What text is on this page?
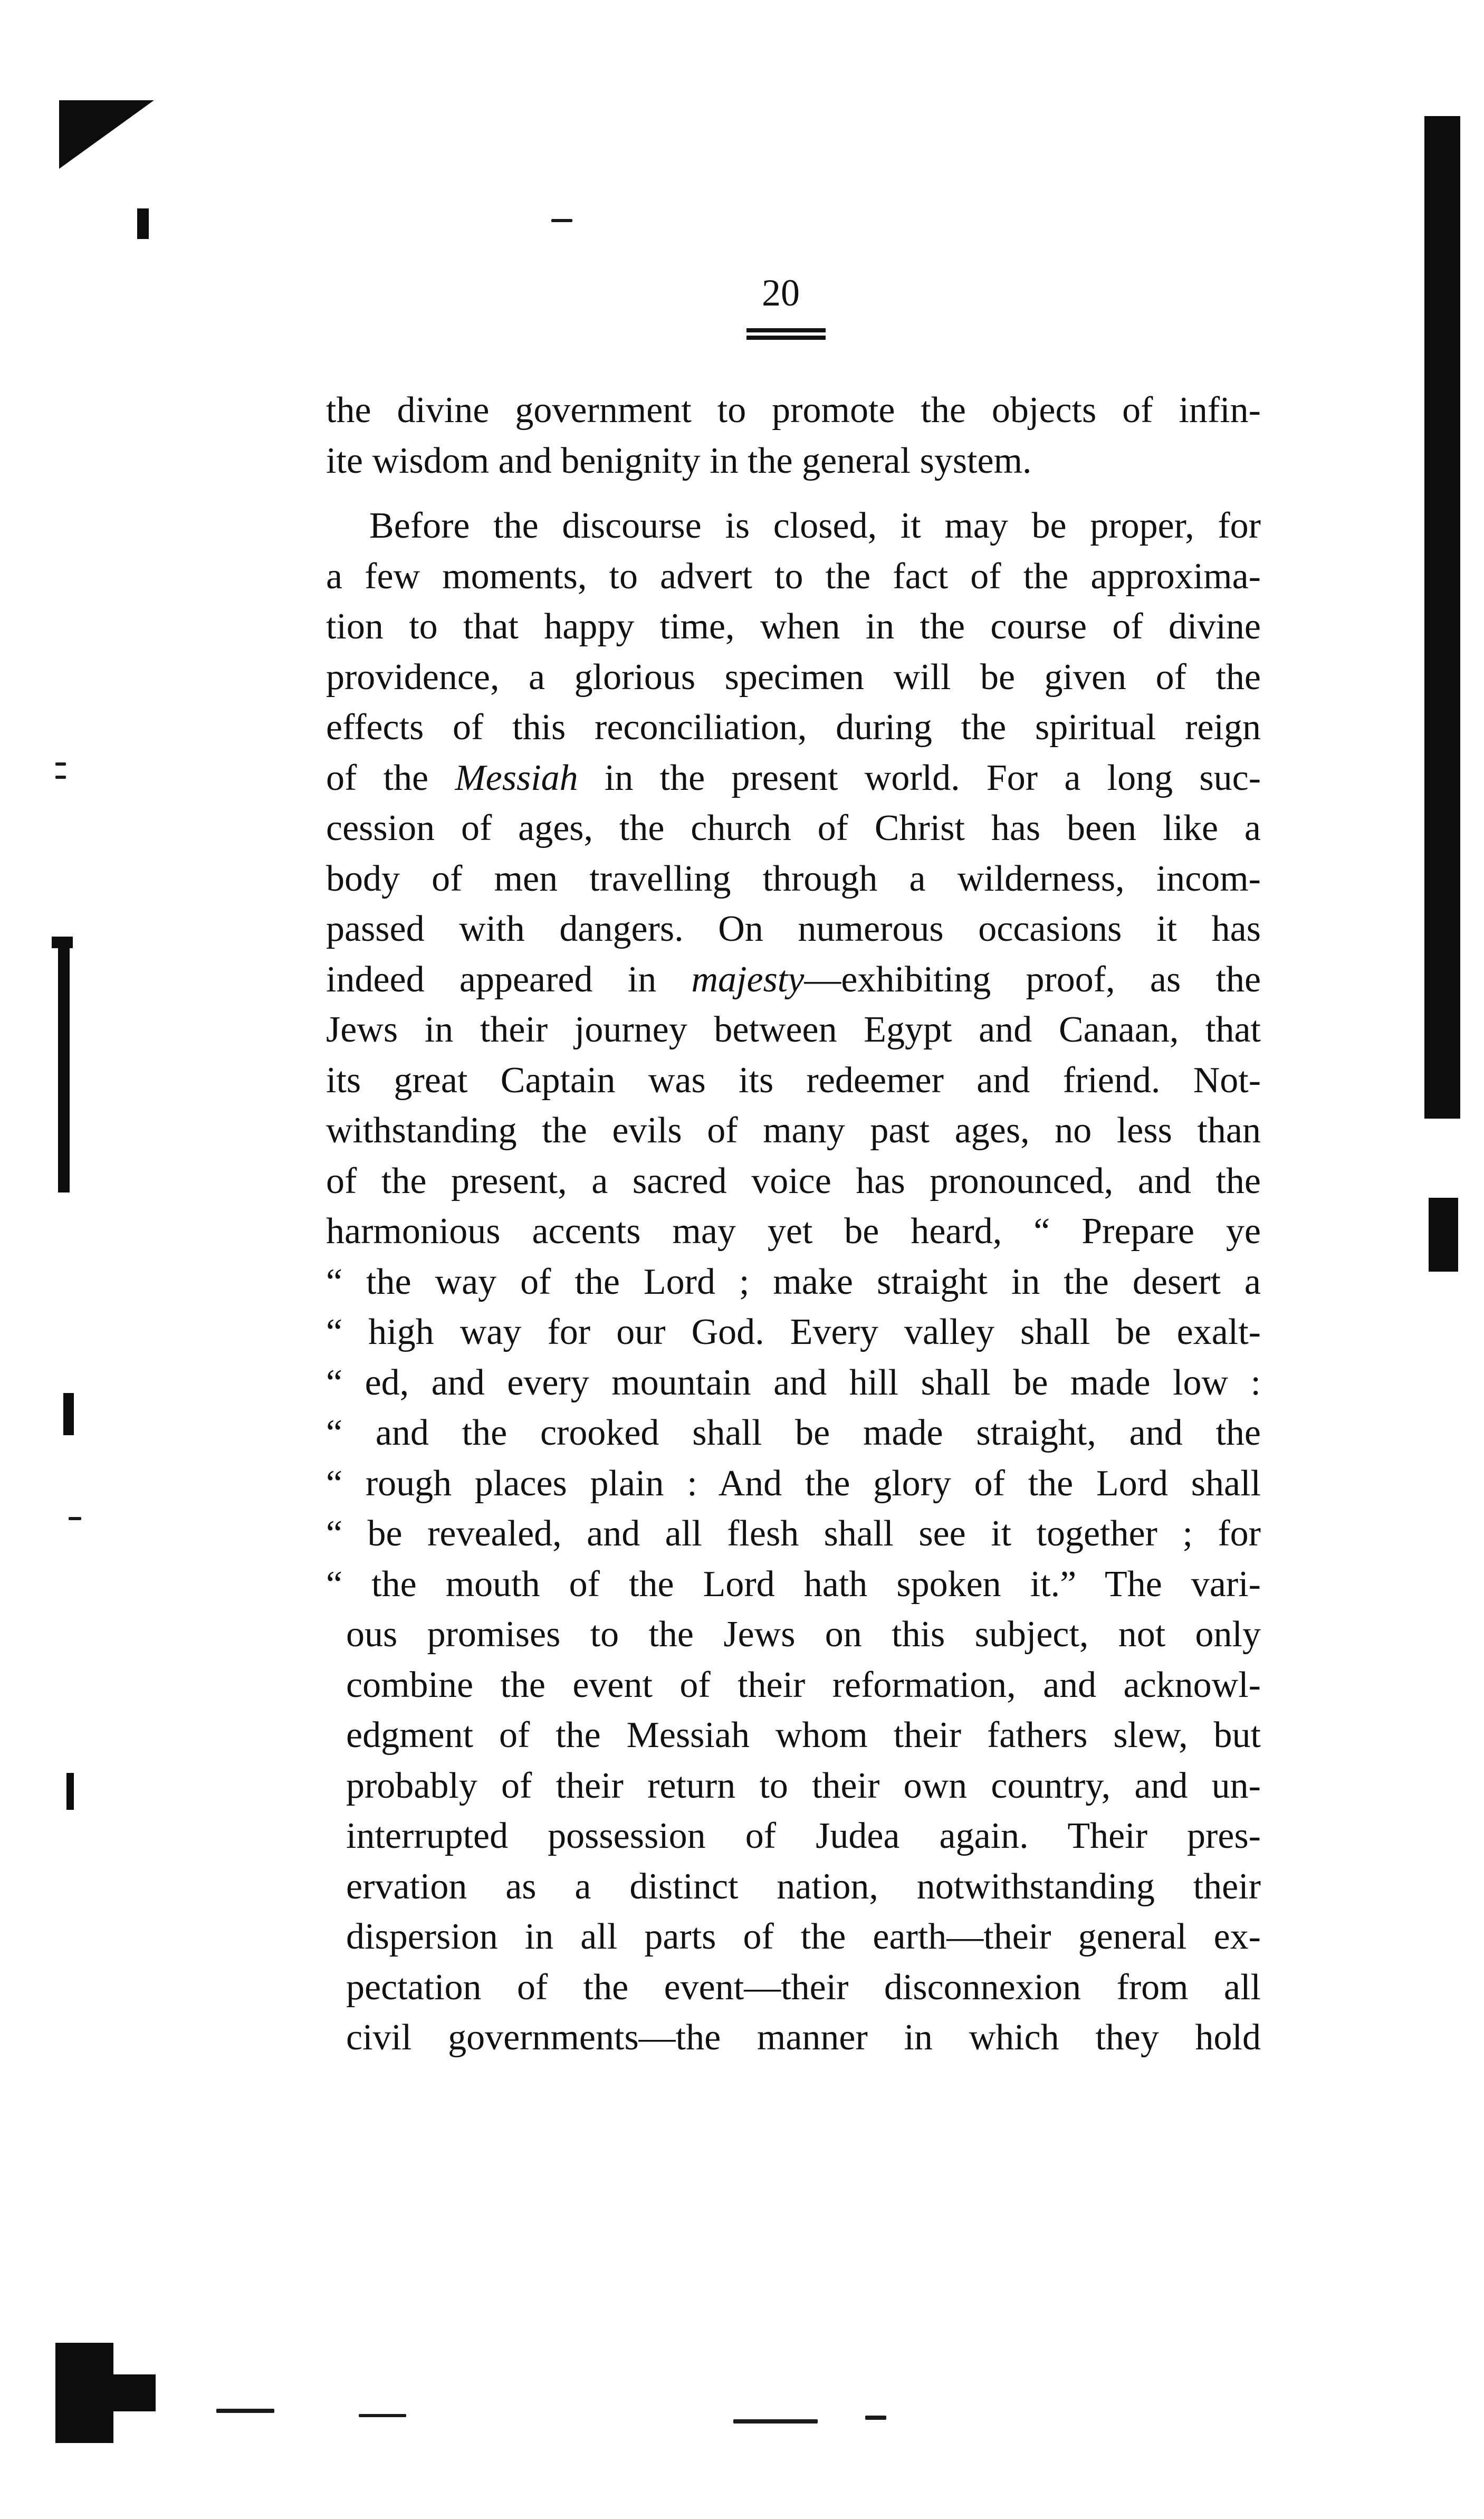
20
the divine government to promote the objects of infin-
ite wisdom and benignity in the general system.
Before the discourse is closed, it may be proper, for
a few moments, to advert to the fact of the approxima-
tion to that happy time, when in the course of divine
providence, a glorious specimen will be given of the
effects of this reconciliation, during the spiritual reign
of the Messiah in the present world. For a long suc-
cession of ages, the church of Christ has been like a
body of men travelling through a wilderness, incom-
passed with dangers. On numerous occasions it has
indeed appeared in majesty—exhibiting proof, as the
Jews in their journey between Egypt and Canaan, that
its great Captain was its redeemer and friend. Not-
withstanding the evils of many past ages, no less than
of the present, a sacred voice has pronounced, and the
harmonious accents may yet be heard, “ Prepare ye
“ the way of the Lord ; make straight in the desert a
“ high way for our God. Every valley shall be exalt-
“ ed, and every mountain and hill shall be made low :
“ and the crooked shall be made straight, and the
“ rough places plain : And the glory of the Lord shall
“ be revealed, and all flesh shall see it together ; for
“ the mouth of the Lord hath spoken it.” The vari-
ous promises to the Jews on this subject, not only
combine the event of their reformation, and acknowl-
edgment of the Messiah whom their fathers slew, but
probably of their return to their own country, and un-
interrupted possession of Judea again. Their pres-
ervation as a distinct nation, notwithstanding their
dispersion in all parts of the earth—their general ex-
pectation of the event—their disconnexion from all
civil governments—the manner in which they hold
